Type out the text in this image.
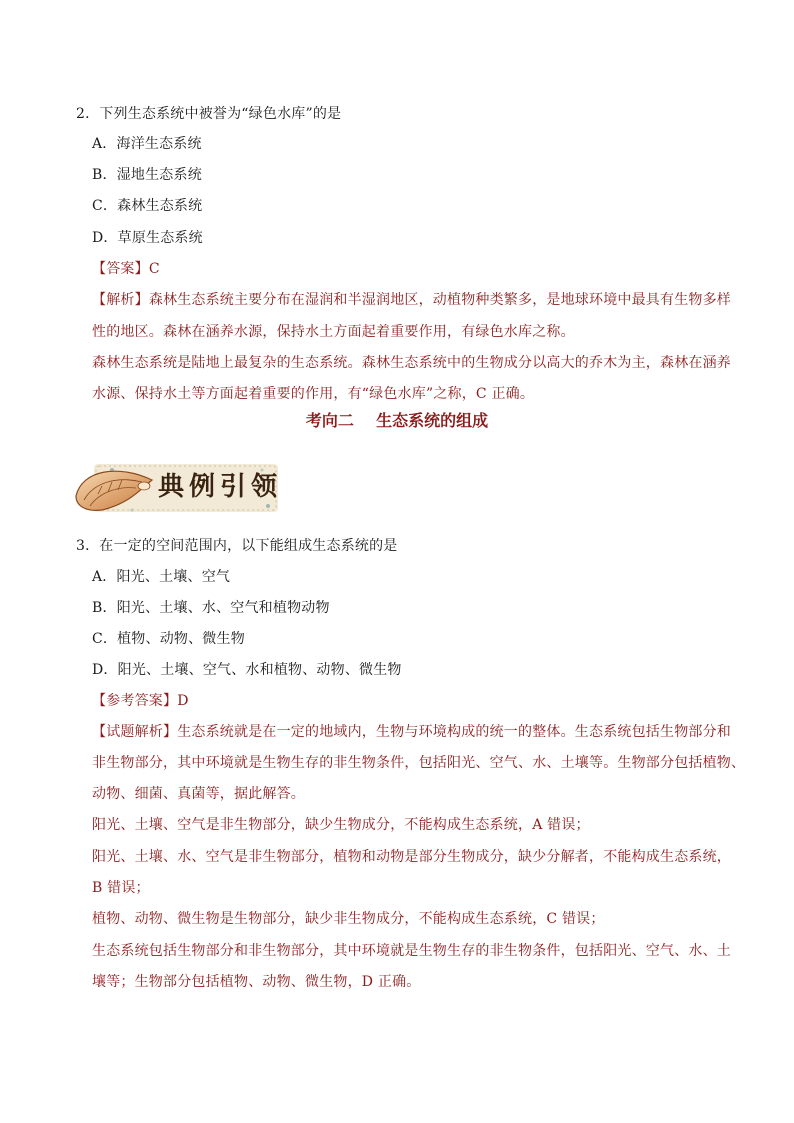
2．下列生态系统中被誉为“绿色水库”的是
A．海洋生态系统
B．湿地生态系统
C．森林生态系统
D．草原生态系统
【答案】C
【解析】森林生态系统主要分布在湿润和半湿润地区，动植物种类繁多，是地球环境中最具有生物多样
性的地区。森林在涵养水源，保持水土方面起着重要作用，有绿色水库之称。
森林生态系统是陆地上最复杂的生态系统。森林生态系统中的生物成分以高大的乔木为主，森林在涵养
水源、保持水土等方面起着重要的作用，有“绿色水库”之称，C 正确。
考向二    生态系统的组成
典例引领
3．在一定的空间范围内，以下能组成生态系统的是
A．阳光、土壤、空气
B．阳光、土壤、水、空气和植物动物
C．植物、动物、微生物
D．阳光、土壤、空气、水和植物、动物、微生物
【参考答案】D
【试题解析】生态系统就是在一定的地域内，生物与环境构成的统一的整体。生态系统包括生物部分和
非生物部分，其中环境就是生物生存的非生物条件，包括阳光、空气、水、土壤等。生物部分包括植物、
动物、细菌、真菌等，据此解答。
阳光、土壤、空气是非生物部分，缺少生物成分，不能构成生态系统，A 错误；
阳光、土壤、水、空气是非生物部分，植物和动物是部分生物成分，缺少分解者，不能构成生态系统，
B 错误；
植物、动物、微生物是生物部分，缺少非生物成分，不能构成生态系统，C 错误；
生态系统包括生物部分和非生物部分，其中环境就是生物生存的非生物条件，包括阳光、空气、水、土
壤等；生物部分包括植物、动物、微生物，D 正确。
